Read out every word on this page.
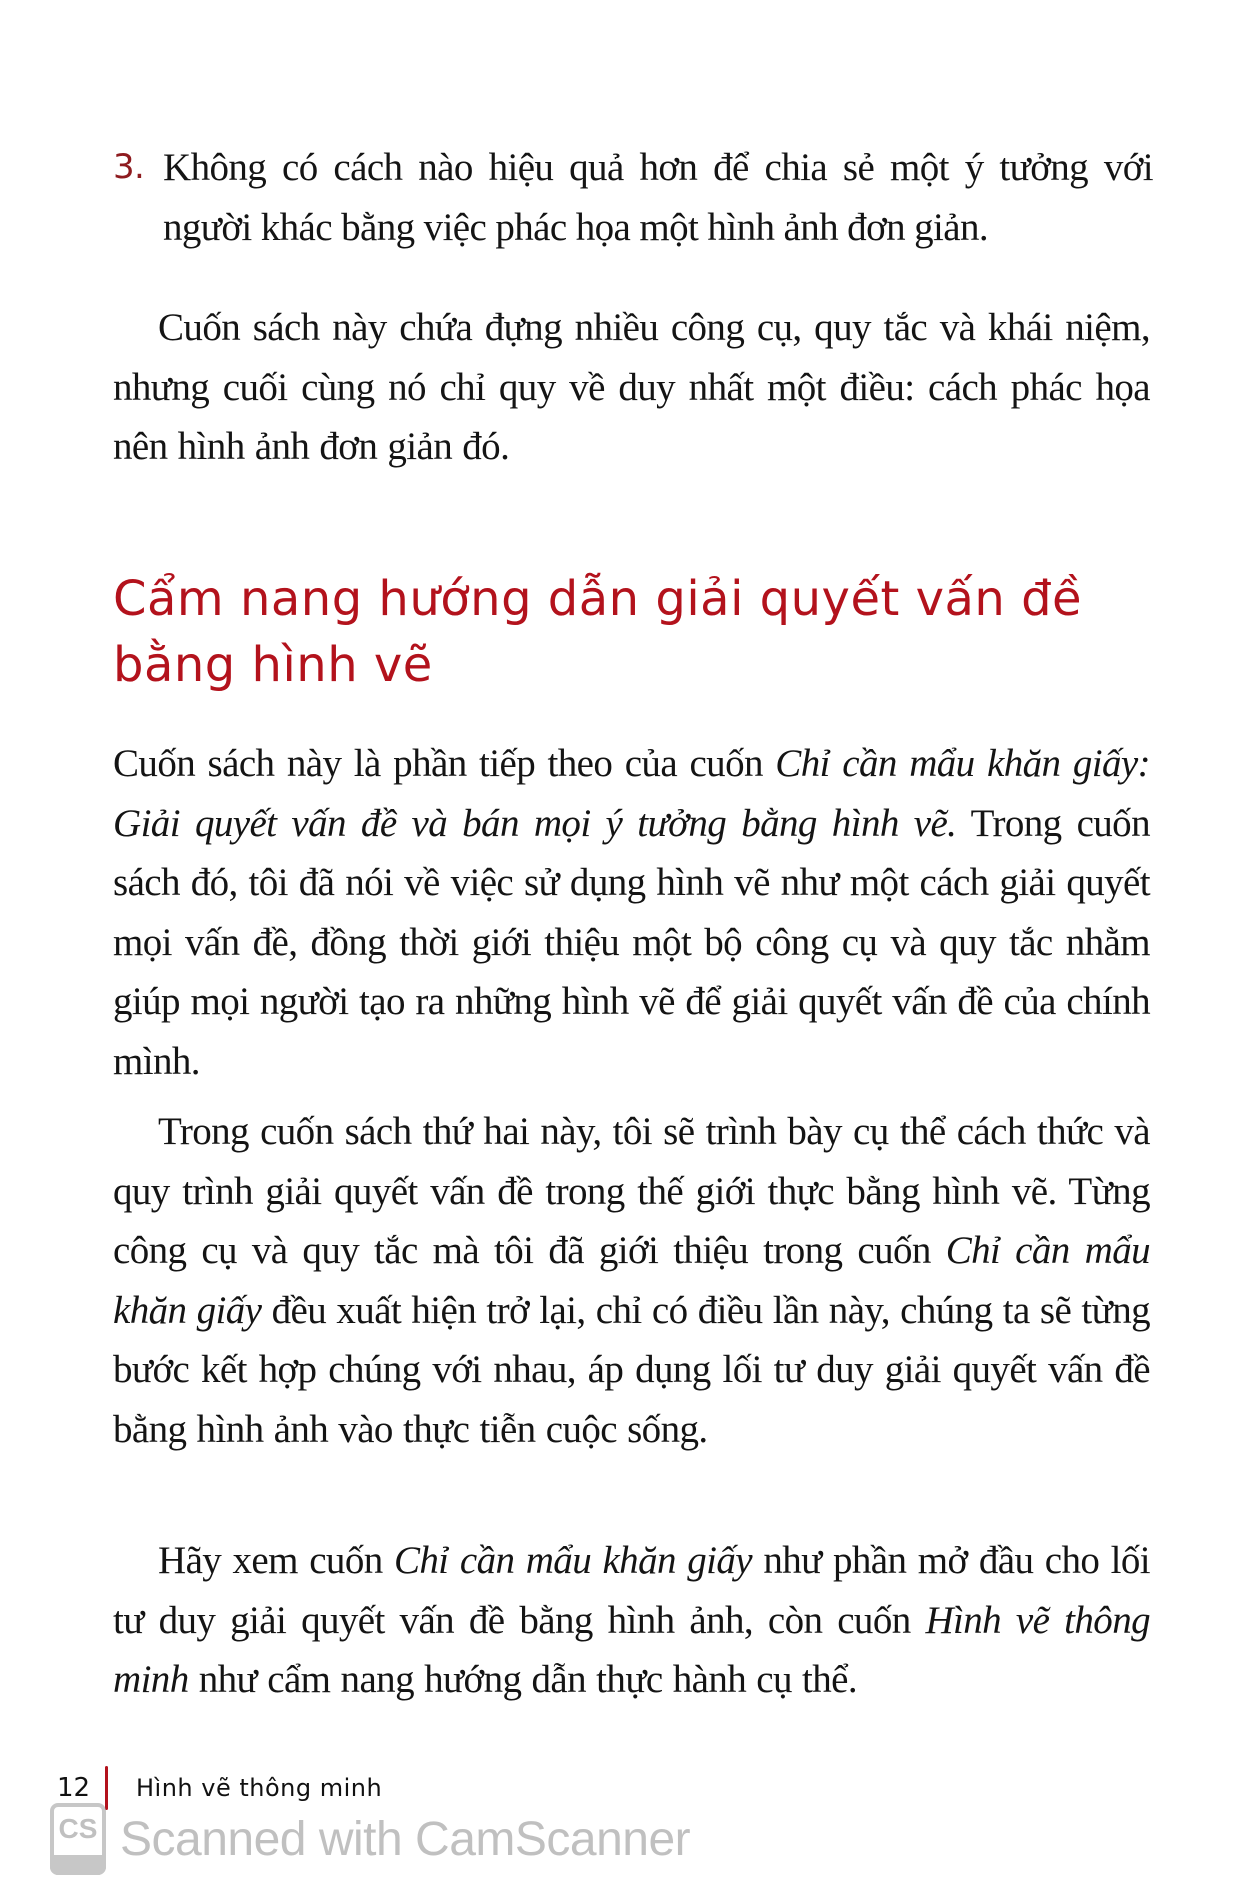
3. Không có cách nào hiệu quả hơn để chia sẻ một ý tưởng với người khác bằng việc phác họa một hình ảnh đơn giản.

Cuốn sách này chứa đựng nhiều công cụ, quy tắc và khái niệm, nhưng cuối cùng nó chỉ quy về duy nhất một điều: cách phác họa nên hình ảnh đơn giản đó.

Cẩm nang hướng dẫn giải quyết vấn đề bằng hình vẽ

Cuốn sách này là phần tiếp theo của cuốn Chỉ cần mẩu khăn giấy: Giải quyết vấn đề và bán mọi ý tưởng bằng hình vẽ. Trong cuốn sách đó, tôi đã nói về việc sử dụng hình vẽ như một cách giải quyết mọi vấn đề, đồng thời giới thiệu một bộ công cụ và quy tắc nhằm giúp mọi người tạo ra những hình vẽ để giải quyết vấn đề của chính mình.

Trong cuốn sách thứ hai này, tôi sẽ trình bày cụ thể cách thức và quy trình giải quyết vấn đề trong thế giới thực bằng hình vẽ. Từng công cụ và quy tắc mà tôi đã giới thiệu trong cuốn Chỉ cần mẩu khăn giấy đều xuất hiện trở lại, chỉ có điều lần này, chúng ta sẽ từng bước kết hợp chúng với nhau, áp dụng lối tư duy giải quyết vấn đề bằng hình ảnh vào thực tiễn cuộc sống.

Hãy xem cuốn Chỉ cần mẩu khăn giấy như phần mở đầu cho lối tư duy giải quyết vấn đề bằng hình ảnh, còn cuốn Hình vẽ thông minh như cẩm nang hướng dẫn thực hành cụ thể.

12	Hình vẽ thông minh
CS Scanned with CamScanner
